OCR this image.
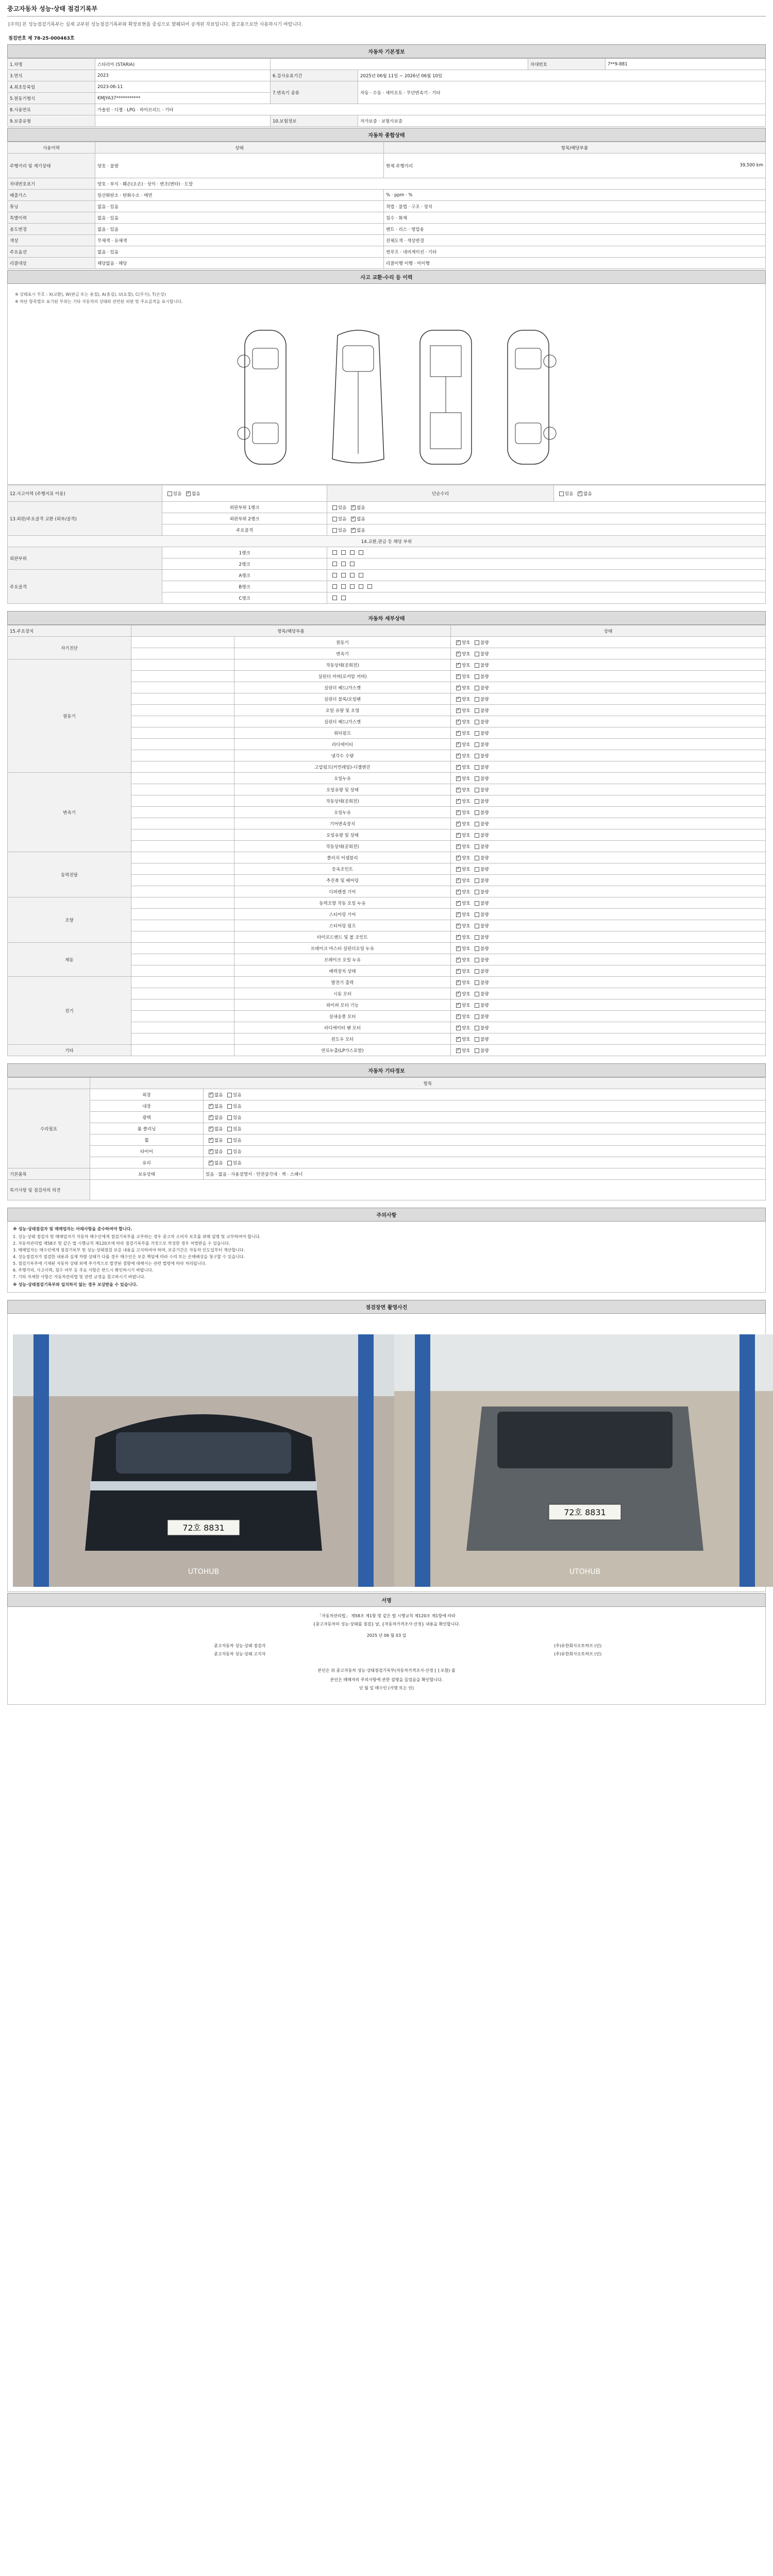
중고자동차 성능·상태 점검기록부
[주의] 본 성능점검기록부는 실제 교부된 성능점검기록부와 확장표현을 중심으로 발췌되어 공개된 자료입니다. 참고용으로만 사용하시기 바랍니다.
점검번호 제 78-25-000463호
자동차 기본정보
1.차명	스타리아 (STARIA)			차대번호	7**9-881
3.연식	2023	6.검사유효기간	2025년 06월 11일 ~ 2026년 06월 10일		
4.최초등록일	2023-06-11	7.변속기 종류	자동 · 수동 · 세미오토 · 무단변속기 · 기타		
5.원동기형식	KMJYA37***********				
8.사용연료	가솔린 · 디젤 · LPG · 하이브리드 · 기타				
9.보증유형		10.보험정보	자가보증 · 보험사보증		
자동차 종합상태
사용이력	상태	항목/해당부품
주행거리 및 계기상태	양호 · 불량	현재 주행거리 39,500 km

차대번호표기	양호 · 부식 · 훼손(오손) · 상이 · 변조(변타) · 도말	
배출가스	일산화탄소 · 탄화수소 · 매연	% · ppm · %
튜닝	없음 · 있음	적법 · 불법 · 구조 · 장치
특별이력	없음 · 있음	침수 · 화재
용도변경	없음 · 있음	렌트 · 리스 · 영업용
색상	무채색 · 유채색	전체도색 · 색상변경
주요옵션	없음 · 있음	썬루프 · 네비게이션 · 기타
리콜대상	해당없음 · 해당	리콜이행 이행 · 미이행
사고 교환·수리 등 이력
※ 상태표시 부호 : X(교환), W(판금 또는 용접), A(흠집), U(요철), C(부식), T(손상)
※ 하단 항목별로 표기된 부위는 기타 자동차의 상태와 관련된 외판 및 주요골격을 표시합니다.
12.사고이력 (주행지표 이용)	있음 ✓없음	단순수리	있음 ✓없음
13.외판/주요골격 교환 (외부/골격)	외판부위 1랭크	있음 ✓없음
	외판부위 2랭크	있음 ✓없음
	주요골격	있음 ✓없음
14.교환,판금 등 해당 부위			
외판부위	1랭크		
	2랭크		
주요골격	A랭크		
	B랭크		
	C랭크		
자동차 세부상태
15.주요장치	항목/해당부품		상태
자기진단		원동기	✓양호 불량
		변속기	✓양호 불량
원동기		작동상태(공회전)	✓양호 불량
		실린더 커버(로커암 커버)	✓양호 불량
		실린더 헤드/가스켓	✓양호 불량
		실린더 블록/오일팬	✓양호 불량
		오일 유량 및 오염	✓양호 불량
		실린더 헤드/가스켓	✓양호 불량
		워터펌프	✓양호 불량
		라디에이터	✓양호 불량
		냉각수 수량	✓양호 불량
		고압펌프(커먼레일)-디젤엔진	✓양호 불량
변속기		오일누유	✓양호 불량
		오일유량 및 상태	✓양호 불량
		작동상태(공회전)	✓양호 불량
		오일누유	✓양호 불량
		기어변속장치	✓양호 불량
		오일유량 및 상태	✓양호 불량
		작동상태(공회전)	✓양호 불량
동력전달		클러치 어셈블리	✓양호 불량
		등속조인트	✓양호 불량
		추진축 및 베어링	✓양호 불량
		디퍼렌셜 기어	✓양호 불량
조향		동력조향 작동 오일 누유	✓양호 불량
		스티어링 기어	✓양호 불량
		스티어링 펌프	✓양호 불량
		타이로드엔드 및 볼 조인트	✓양호 불량
제동		브레이크 마스터 실린더오일 누유	✓양호 불량
		브레이크 오일 누유	✓양호 불량
		배력장치 상태	✓양호 불량
전기		발전기 출력	✓양호 불량
		시동 모터	✓양호 불량
		와이퍼 모터 기능	✓양호 불량
		실내송풍 모터	✓양호 불량
		라디에이터 팬 모터	✓양호 불량
		윈도우 모터	✓양호 불량
기타		연료누출(LP가스포함)	✓양호 불량
자동차 기타정보
	항목	
수리필요	외장	✓없음 있음
	내장	✓없음 있음
	광택	✓없음 있음
	룸 클리닝	✓없음 있음
	휠	✓없음 있음
	타이어	✓없음 있음
	유리	✓없음 있음
기본품목	보유상태	있음 · 없음 · 사용설명서 · 안전삼각대 · 잭 · 스패너
특기사항 및 점검자의 의견		
주의사항
※ 성능·상태점검자 및 매매업자는 아래사항을 준수하여야 합니다.
1. 성능·상태 점검자 및 매매업자가 자동차 매수인에게 점검기록부를 교부하는 경우 중고차 소비자 보호를 위해 설명 및 교부하여야 합니다.
2. 자동차관리법 제58조 및 같은 법 시행규칙 제120조에 따라 점검기록부를 거짓으로 작성한 경우 처벌받을 수 있습니다.
3. 매매업자는 매수인에게 점검기록부 및 성능·상태점검 보증 내용을 고지하여야 하며, 보증기간은 자동차 인도일부터 계산합니다.
4. 성능점검자가 점검한 내용과 실제 차량 상태가 다를 경우 매수인은 보증 책임에 따라 수리 또는 손해배상을 청구할 수 있습니다.
5. 점검기록부에 기재된 자동차 상태 외에 추가적으로 발견된 결함에 대해서는 관련 법령에 따라 처리됩니다.
6. 주행거리, 사고이력, 침수 여부 등 주요 사항은 반드시 확인하시기 바랍니다.
7. 기타 자세한 사항은 자동차관리법 및 관련 규정을 참고하시기 바랍니다.
※ 성능·상태점검기록부와 일치하지 않는 경우 보상받을 수 있습니다.
점검장면 촬영사진
72호 8831
UTOHUB
72호 8831
UTOHUB
서명
「자동차관리법」 제58조 제1항 및 같은 법 시행규칙 제120조 제1항에 따라
{중고자동차의 성능·상태를 점검} 날, {자동차가격조사·산정} 내용을 확인합니다.
2025 년 06 월 03 일
중고자동차 성능·상태 점검자	(주)유한회사오토허브 (인)
중고자동차 성능·상태 고지자	(주)유한회사오토허브 (인)
본인은 위 중고자동차 성능·상태점검기록부(자동차가격조사·산정 [ ] 포함) 를
본인은 매매자의 주의사항에 관한 설명을 들었음을 확인합니다.
년 월 일 매수인 (서명 또는 인)
